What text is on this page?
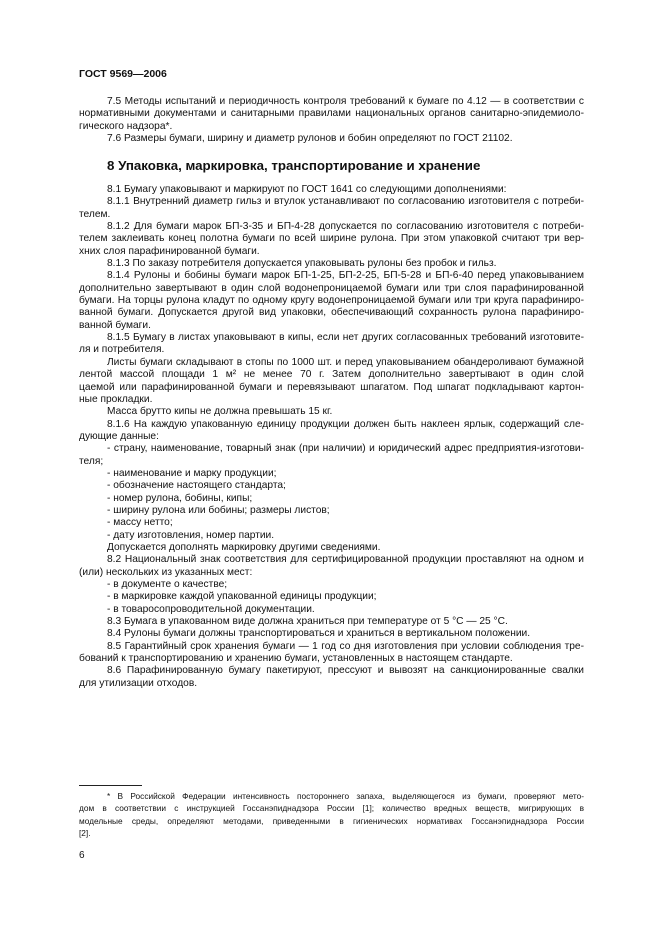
ГОСТ 9569—2006
7.5 Методы испытаний и периодичность контроля требований к бумаге по 4.12 — в соответствии с
нормативными документами и санитарными правилами национальных органов санитарно-эпидемиоло-
гического надзора*.
7.6 Размеры бумаги, ширину и диаметр рулонов и бобин определяют по ГОСТ 21102.
8 Упаковка, маркировка, транспортирование и хранение
8.1 Бумагу упаковывают и маркируют по ГОСТ 1641 со следующими дополнениями:
8.1.1 Внутренний диаметр гильз и втулок устанавливают по согласованию изготовителя с потреби-
телем.
8.1.2 Для бумаги марок БП-3-35 и БП-4-28 допускается по согласованию изготовителя с потреби-
телем заклеивать конец полотна бумаги по всей ширине рулона. При этом упаковкой считают три вер-
хних слоя парафинированной бумаги.
8.1.3 По заказу потребителя допускается упаковывать рулоны без пробок и гильз.
8.1.4 Рулоны и бобины бумаги марок БП-1-25, БП-2-25, БП-5-28 и БП-6-40 перед упаковыванием
дополнительно завертывают в один слой водонепроницаемой бумаги или три слоя парафинированной
бумаги. На торцы рулона кладут по одному кругу водонепроницаемой бумаги или три круга парафиниро-
ванной бумаги. Допускается другой вид упаковки, обеспечивающий сохранность рулона парафиниро-
ванной бумаги.
8.1.5 Бумагу в листах упаковывают в кипы, если нет других согласованных требований изготовите-
ля и потребителя.
Листы бумаги складывают в стопы по 1000 шт. и перед упаковыванием обандероливают бумажной
лентой массой площади 1 м² не менее 70 г. Затем дополнительно завертывают в один слой
цаемой или парафинированной бумаги и перевязывают шпагатом. Под шпагат подкладывают картон-
ные прокладки.
Масса брутто кипы не должна превышать 15 кг.
8.1.6 На каждую упакованную единицу продукции должен быть наклеен ярлык, содержащий сле-
дующие данные:
- страну, наименование, товарный знак (при наличии) и юридический адрес предприятия-изготови-
теля;
- наименование и марку продукции;
- обозначение настоящего стандарта;
- номер рулона, бобины, кипы;
- ширину рулона или бобины; размеры листов;
- массу нетто;
- дату изготовления, номер партии.
Допускается дополнять маркировку другими сведениями.
8.2 Национальный знак соответствия для сертифицированной продукции проставляют на одном и
(или) нескольких из указанных мест:
- в документе о качестве;
- в маркировке каждой упакованной единицы продукции;
- в товаросопроводительной документации.
8.3 Бумага в упакованном виде должна храниться при температуре от 5 °С — 25 °С.
8.4 Рулоны бумаги должны транспортироваться и храниться в вертикальном положении.
8.5 Гарантийный срок хранения бумаги — 1 год со дня изготовления при условии соблюдения тре-
бований к транспортированию и хранению бумаги, установленных в настоящем стандарте.
8.6 Парафинированную бумагу пакетируют, прессуют и вывозят на санкционированные свалки
для утилизации отходов.
* В Российской Федерации интенсивность постороннего запаха, выделяющегося из бумаги, проверяют мето-
дом в соответствии с инструкцией Госсанэпиднадзора России [1]; количество вредных веществ, мигрирующих в
модельные среды, определяют методами, приведенными в гигиенических нормативах Госсанэпиднадзора России
[2].
6
